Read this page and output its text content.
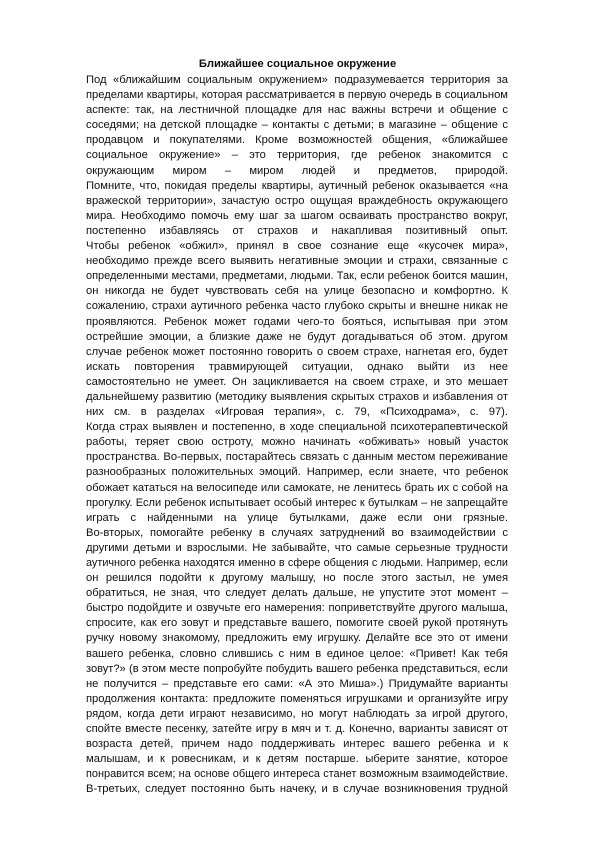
Ближайшее социальное окружение
Под «ближайшим социальным окружением» подразумевается территория за
пределами квартиры, которая рассматривается в первую очередь в социальном
аспекте: так, на лестничной площадке для нас важны встречи и общение с
соседями; на детской площадке – контакты с детьми; в магазине – общение с
продавцом и покупателями. Кроме возможностей общения, «ближайшее
социальное окружение» – это территория, где ребенок знакомится с
окружающим миром – миром людей и предметов, природой.
Помните, что, покидая пределы квартиры, аутичный ребенок оказывается «на
вражеской территории», зачастую остро ощущая враждебность окружающего
мира. Необходимо помочь ему шаг за шагом осваивать пространство вокруг,
постепенно избавляясь от страхов и накапливая позитивный опыт.
Чтобы ребенок «обжил», принял в свое сознание еще «кусочек мира»,
необходимо прежде всего выявить негативные эмоции и страхи, связанные с
определенными местами, предметами, людьми. Так, если ребенок боится машин,
он никогда не будет чувствовать себя на улице безопасно и комфортно. К
сожалению, страхи аутичного ребенка часто глубоко скрыты и внешне никак не
проявляются. Ребенок может годами чего-то бояться, испытывая при этом
острейшие эмоции, а близкие даже не будут догадываться об этом. другом
случае ребенок может постоянно говорить о своем страхе, нагнетая его, будет
искать повторения травмирующей ситуации, однако выйти из нее
самостоятельно не умеет. Он зацикливается на своем страхе, и это мешает
дальнейшему развитию (методику выявления скрытых страхов и избавления от
них см. в разделах «Игровая терапия», с. 79, «Психодрама», с. 97).
Когда страх выявлен и постепенно, в ходе специальной психотерапевтической
работы, теряет свою остроту, можно начинать «обживать» новый участок
пространства. Во-первых, постарайтесь связать с данным местом переживание
разнообразных положительных эмоций. Например, если знаете, что ребенок
обожает кататься на велосипеде или самокате, не ленитесь брать их с собой на
прогулку. Если ребенок испытывает особый интерес к бутылкам – не запрещайте
играть с найденными на улице бутылками, даже если они грязные.
Во-вторых, помогайте ребенку в случаях затруднений во взаимодействии с
другими детьми и взрослыми. Не забывайте, что самые серьезные трудности
аутичного ребенка находятся именно в сфере общения с людьми. Например, если
он решился подойти к другому малышу, но после этого застыл, не умея
обратиться, не зная, что следует делать дальше, не упустите этот момент –
быстро подойдите и озвучьте его намерения: поприветствуйте другого малыша,
спросите, как его зовут и представьте вашего, помогите своей рукой протянуть
ручку новому знакомому, предложить ему игрушку. Делайте все это от имени
вашего ребенка, словно слившись с ним в единое целое: «Привет! Как тебя
зовут?» (в этом месте попробуйте побудить вашего ребенка представиться, если
не получится – представьте его сами: «А это Миша».) Придумайте варианты
продолжения контакта: предложите поменяться игрушками и организуйте игру
рядом, когда дети играют независимо, но могут наблюдать за игрой другого,
спойте вместе песенку, затейте игру в мяч и т. д. Конечно, варианты зависят от
возраста детей, причем надо поддерживать интерес вашего ребенка и к
малышам, и к ровесникам, и к детям постарше. ыберите занятие, которое
понравится всем; на основе общего интереса станет возможным взаимодействие.
В-третьих, следует постоянно быть начеку, и в случае возникновения трудной
